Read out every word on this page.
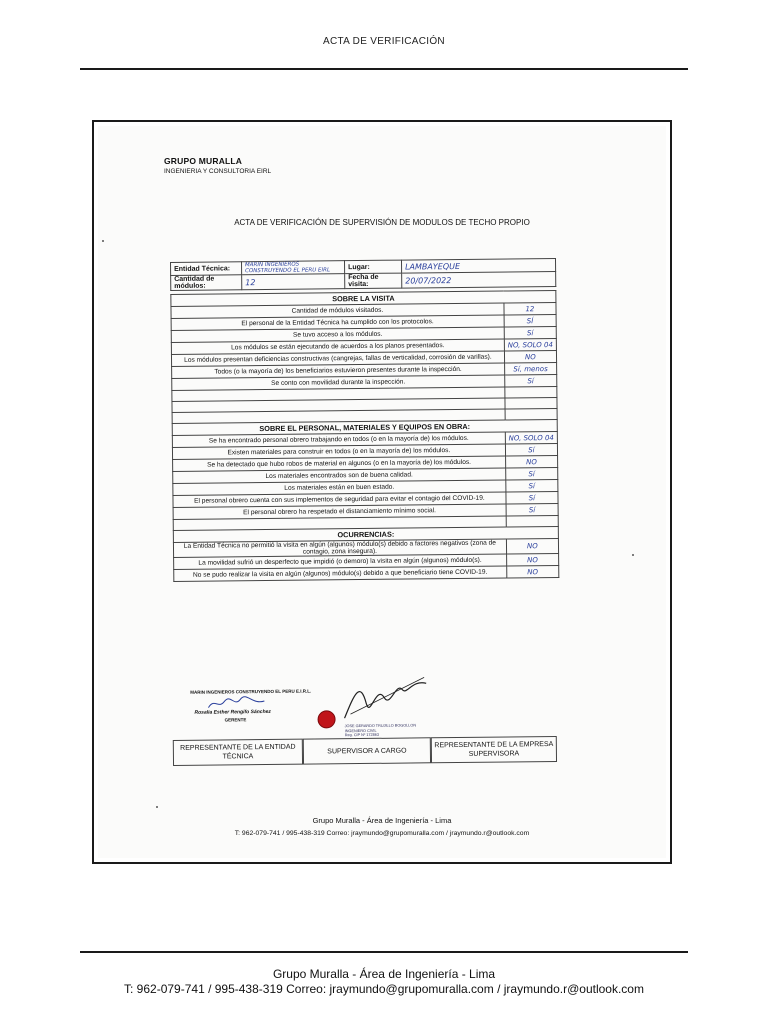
ACTA DE VERIFICACIÓN
GRUPO MURALLA
INGENIERIA Y CONSULTORIA EIRL
ACTA DE VERIFICACIÓN DE SUPERVISIÓN DE MODULOS DE TECHO PROPIO
Entidad Técnica:	MARIN INGENIEROS CONSTRUYENDO EL PERU EIRL	Lugar:	LAMBAYEQUE
Cantidad de módulos:	12	Fecha de visita:	20/07/2022
SOBRE LA VISITA	
Cantidad de módulos visitados.	12
El personal de la Entidad Técnica ha cumplido con los protocolos.	SÍ
Se tuvo acceso a los módulos.	Sí
Los módulos se están ejecutando de acuerdos a los planos presentados.	NO, SOLO 04
Los módulos presentan deficiencias constructivas (cangrejas, fallas de verticalidad, corrosión de varillas).	NO
Todos (o la mayoría de) los beneficiarios estuvieron presentes durante la inspección.	Sí, menos
Se conto con movilidad durante la inspección.	Sí

SOBRE EL PERSONAL, MATERIALES Y EQUIPOS EN OBRA:	
Se ha encontrado personal obrero trabajando en todos (o en la mayoría de) los módulos.	NO, SOLO 04
Existen materiales para construir en todos (o en la mayoría de) los módulos.	Sí
Se ha detectado que hubo robos de material en algunos (o en la mayoría de) los módulos.	NO
Los materiales encontrados son de buena calidad.	Sí
Los materiales están en buen estado.	Sí
El personal obrero cuenta con sus implementos de seguridad para evitar el contagio del COVID-19.	Sí
El personal obrero ha respetado el distanciamiento mínimo social.	Sí

OCURRENCIAS:	
La Entidad Técnica no permitió la visita en algún (algunos) módulo(s) debido a factores negativos (zona de contagio, zona insegura).	NO
La movilidad sufrió un desperfecto que impidió (o demoro) la visita en algún (algunos) módulo(s).	NO
No se pudo realizar la visita en algún (algunos) módulo(s) debido a que beneficiario tiene COVID-19.	NO
MARIN INGENIEROS CONSTRUYENDO EL PERU E.I.R.L.
Rosalia Esther Rengifo Sánchez
GERENTE
JOSE GERARDO TRUJILLO BOGOLLON
INGENIERO CIVIL
Reg. CIP Nº 172863
REPRESENTANTE DE LA ENTIDAD TÉCNICA
SUPERVISOR A CARGO
REPRESENTANTE DE LA EMPRESA SUPERVISORA
Grupo Muralla - Área de Ingeniería - Lima
T: 962-079-741 / 995-438-319 Correo: jraymundo@grupomuralla.com / jraymundo.r@outlook.com
Grupo Muralla - Área de Ingeniería - Lima
T: 962-079-741 / 995-438-319 Correo: jraymundo@grupomuralla.com / jraymundo.r@outlook.com
